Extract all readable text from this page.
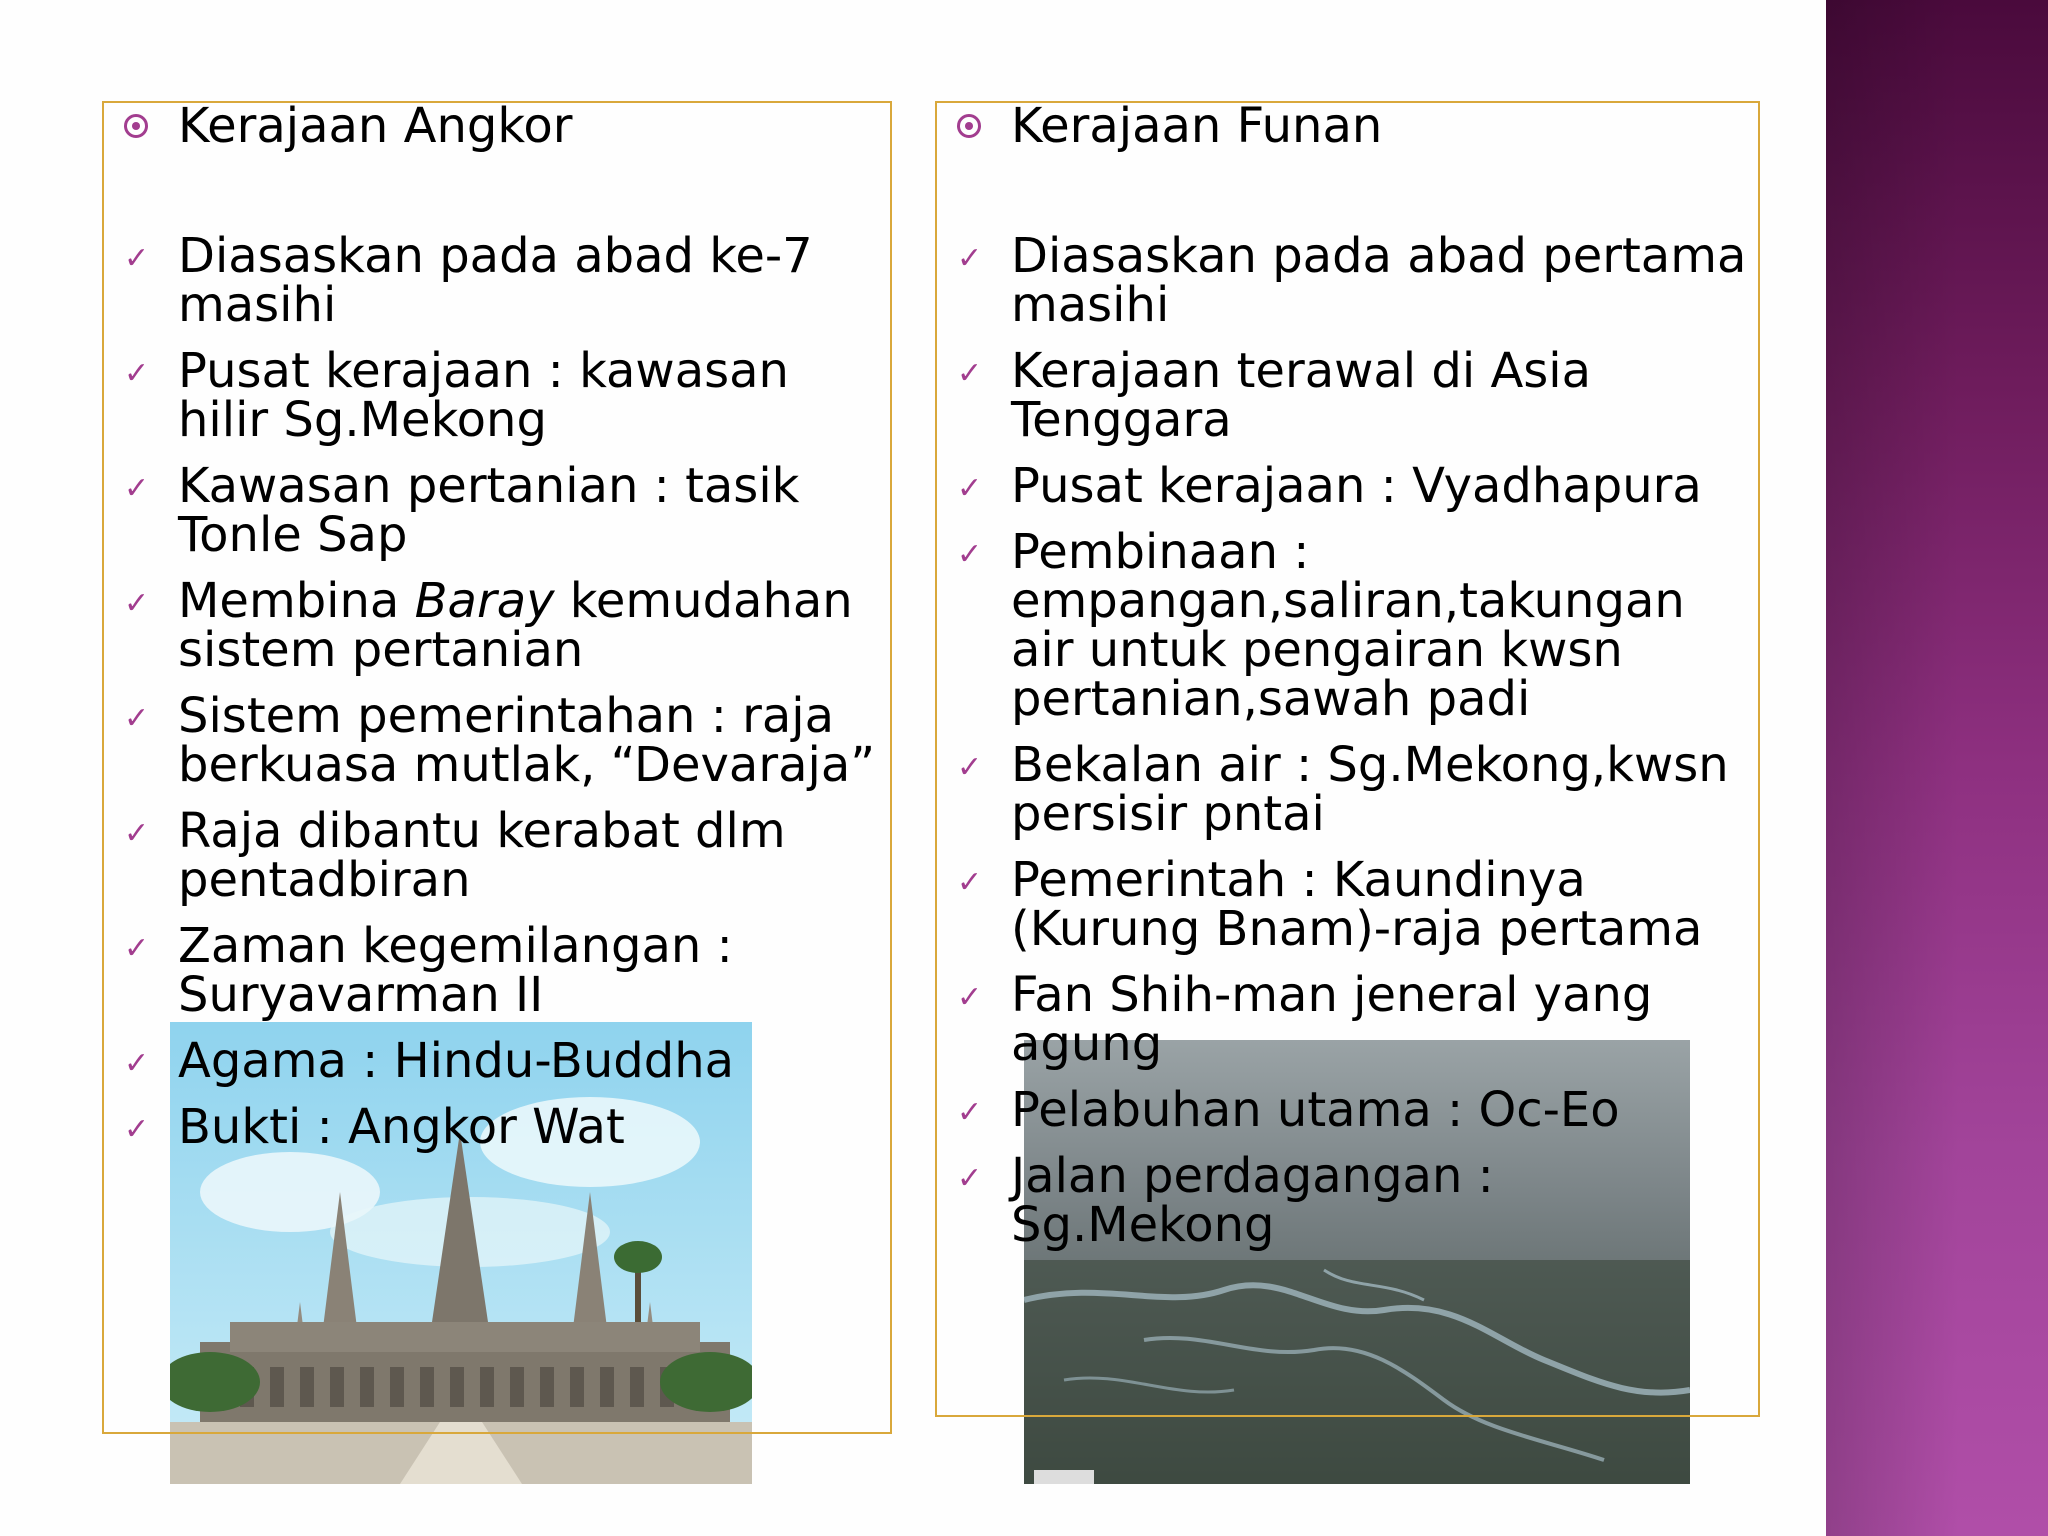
Kerajaan Angkor
✓ Diasaskan pada abad ke-7 masihi
✓ Pusat kerajaan : kawasan hilir Sg.Mekong
✓ Kawasan pertanian : tasik Tonle Sap
✓ Membina Baray kemudahan sistem pertanian
✓ Sistem pemerintahan : raja berkuasa mutlak, “Devaraja”
✓ Raja dibantu kerabat dlm pentadbiran
✓ Zaman kegemilangan : Suryavarman II
✓ Agama : Hindu-Buddha
✓ Bukti : Angkor Wat
Kerajaan Funan
✓ Diasaskan pada abad pertama masihi
✓ Kerajaan terawal di Asia Tenggara
✓ Pusat kerajaan : Vyadhapura
✓ Pembinaan : empangan,saliran,takungan air untuk pengairan kwsn pertanian,sawah padi
✓ Bekalan air : Sg.Mekong,kwsn persisir pntai
✓ Pemerintah : Kaundinya (Kurung Bnam)-raja pertama
✓ Fan Shih-man jeneral yang agung
✓ Pelabuhan utama : Oc-Eo
✓ Jalan perdagangan : Sg.Mekong
